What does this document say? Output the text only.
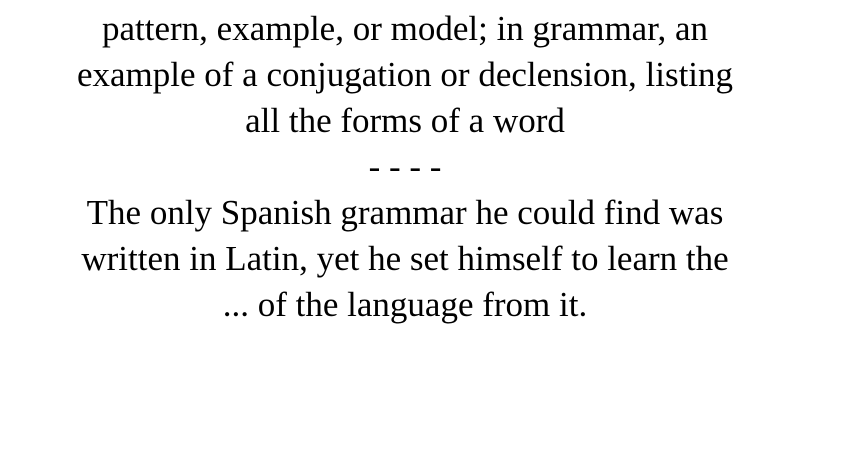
pattern, example, or model; in grammar, an
example of a conjugation or declension, listing
all the forms of a word
- - - -
The only Spanish grammar he could find was
written in Latin, yet he set himself to learn the
... of the language from it.
